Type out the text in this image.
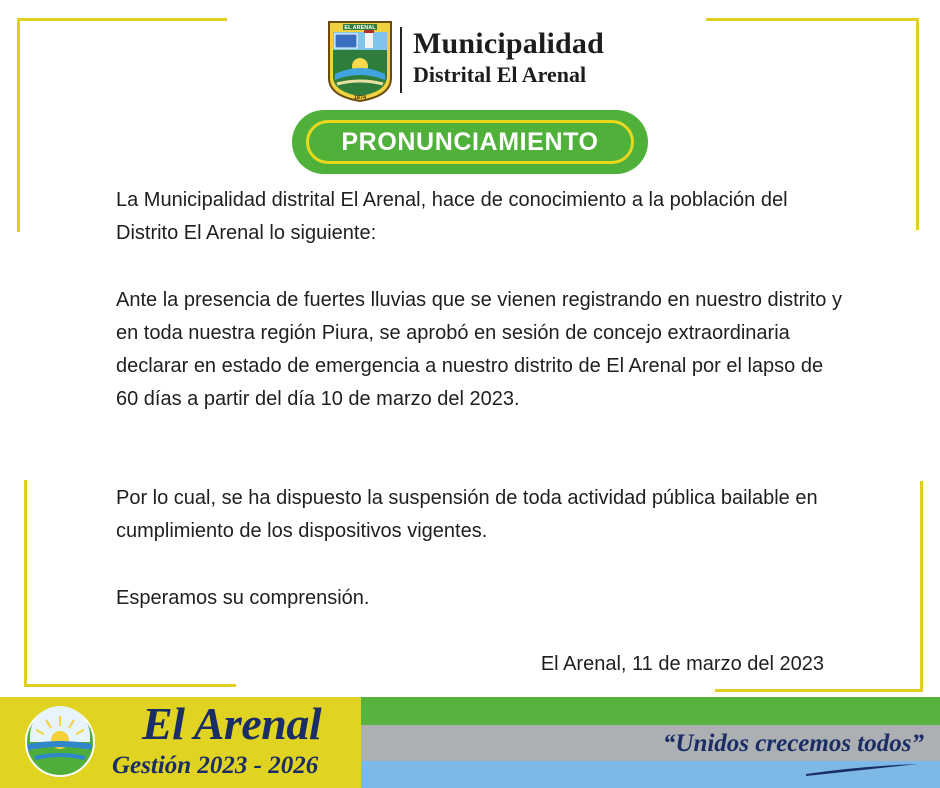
EL ARENAL
1874
Municipalidad
Distrital El Arenal
PRONUNCIAMIENTO

La Municipalidad distrital El Arenal, hace de conocimiento a la población del Distrito El Arenal lo siguiente:

Ante la presencia de fuertes lluvias que se vienen registrando en nuestro distrito y en toda nuestra región Piura, se aprobó en sesión de concejo extraordinaria declarar en estado de emergencia a nuestro distrito de El Arenal por el lapso de 60 días a partir del día 10 de marzo del 2023.

Por lo cual, se ha dispuesto la suspensión de toda actividad pública bailable en cumplimiento de los dispositivos vigentes.

Esperamos su comprensión.

El Arenal, 11 de marzo del 2023
El Arenal
Gestión 2023 - 2026
“Unidos crecemos todos”
